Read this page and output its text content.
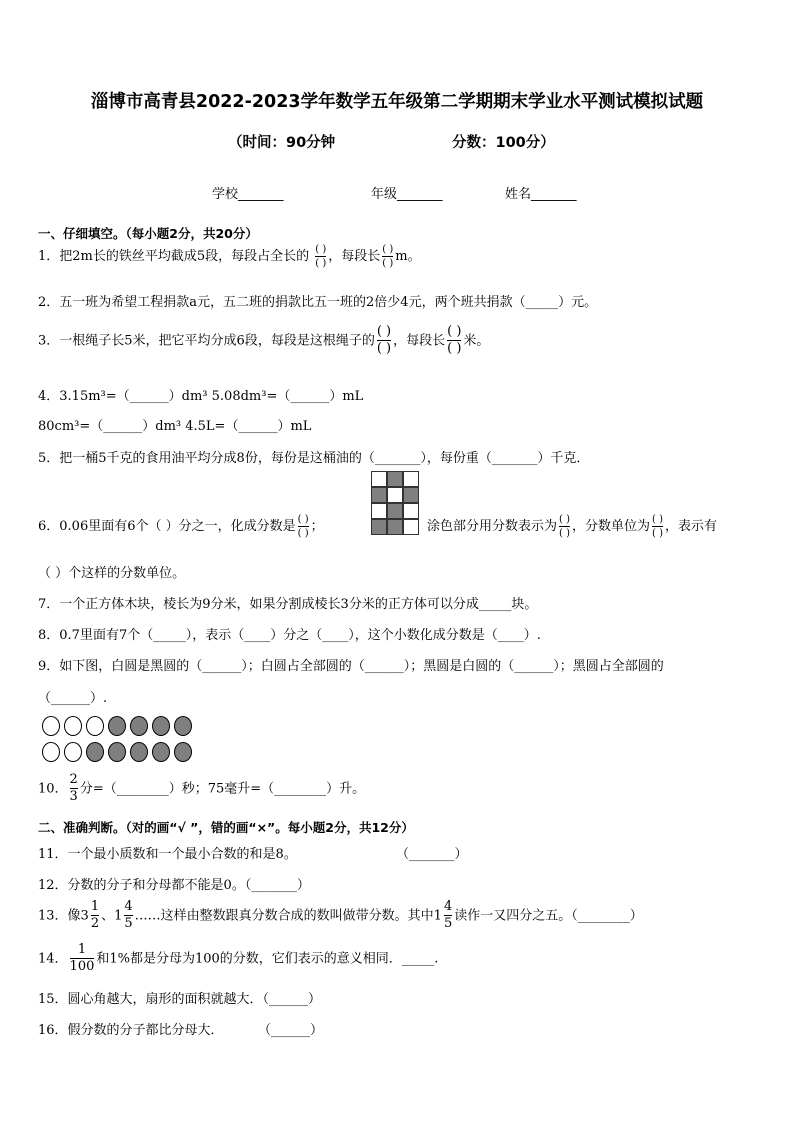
淄博市高青县2022-2023学年数学五年级第二学期期末学业水平测试模拟试题
（时间：90分钟	分数：100分）
学校_______	年级_______	姓名_______
一、仔细填空。（每小题2分，共20分）
1．把2m长的铁丝平均截成5段，每段占全长的 $\frac{( )}{( )}$ ，每段长 $\frac{( )}{( )}$ m。
2．五一班为希望工程捐款a元，五二班的捐款比五一班的2倍少4元，两个班共捐款（_____）元。
3．一根绳子长5米，把它平均分成6段，每段是这根绳子的 $\frac{( )}{( )}$ ，每段长 $\frac{( )}{( )}$ 米。
4．3.15m³=（______）dm³ 5.08dm³=（______）mL
80cm³=（______）dm³ 4.5L=（______）mL
5．把一桶5千克的食用油平均分成8份，每份是这桶油的（_______），每份重（_______）千克．
6．0.06里面有6个（ ）分之一，化成分数是 $\frac{( )}{( )}$ ；	涂色部分用分数表示为 $\frac{( )}{( )}$ ，分数单位为 $\frac{( )}{( )}$ ，表示有
（ ）个这样的分数单位。
7．一个正方体木块，棱长为9分米，如果分割成棱长3分米的正方体可以分成_____块。
8．0.7里面有7个（_____），表示（____）分之（____），这个小数化成分数是（____）.
9．如下图，白圆是黑圆的（______）；白圆占全部圆的（______）；黑圆是白圆的（______）；黑圆占全部圆的
（______）.
10． $\frac{2}{3}$ 分=（________）秒；75毫升=（________）升。
二、准确判断。（对的画“√ ”，错的画“×”。每小题2分，共12分）
11．一个最小质数和一个最小合数的和是8。	（_______）
12．分数的分子和分母都不能是0。（_______）
13．像$3 \frac{1}{2}$ 、$1 \frac{4}{5}$ ……这样由整数跟真分数合成的数叫做带分数。其中$1 \frac{4}{5}$ 读作一又四分之五。（________）
14． $\frac{1}{100}$ 和1%都是分母为100的分数，它们表示的意义相同．_____.
15．圆心角越大，扇形的面积就越大．（______）
16．假分数的分子都比分母大．	（______）
